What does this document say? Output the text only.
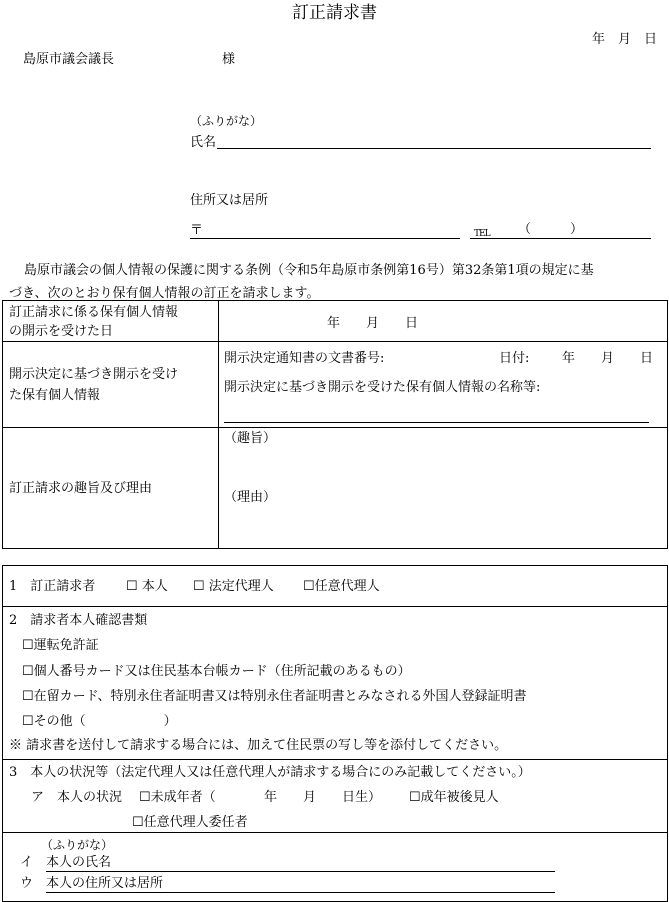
訂正請求書
年　月　日
島原市議会議長	様
（ふりがな）
氏名
住所又は居所
〒	TEL （　　　）
島原市議会の個人情報の保護に関する条例（令和5年島原市条例第16号）第32条第1項の規定に基
づき、次のとおり保有個人情報の訂正を請求します。
訂正請求に係る保有個人情報
の開示を受けた日
年　　月　　日
開示決定に基づき開示を受け
た保有個人情報
開示決定通知書の文書番号:	日付:	年　　月　　日
開示決定に基づき開示を受けた保有個人情報の名称等:
訂正請求の趣旨及び理由
（趣旨）
（理由）
1　訂正請求者 ☐ 本人 ☐ 法定代理人 ☐任意代理人
2　請求者本人確認書類
☐運転免許証
☐個人番号カード又は住民基本台帳カード（住所記載のあるもの）
☐在留カード、特別永住者証明書又は特別永住者証明書とみなされる外国人登録証明書
☐その他（　　　　　　）
※ 請求書を送付して請求する場合には、加えて住民票の写し等を添付してください。
3　本人の状況等（法定代理人又は任意代理人が請求する場合にのみ記載してください。）
ア　本人の状況 ☐未成年者（	年　　月　　日生） ☐成年被後見人
☐任意代理人委任者
（ふりがな）
イ　本人の氏名
ウ　本人の住所又は居所
